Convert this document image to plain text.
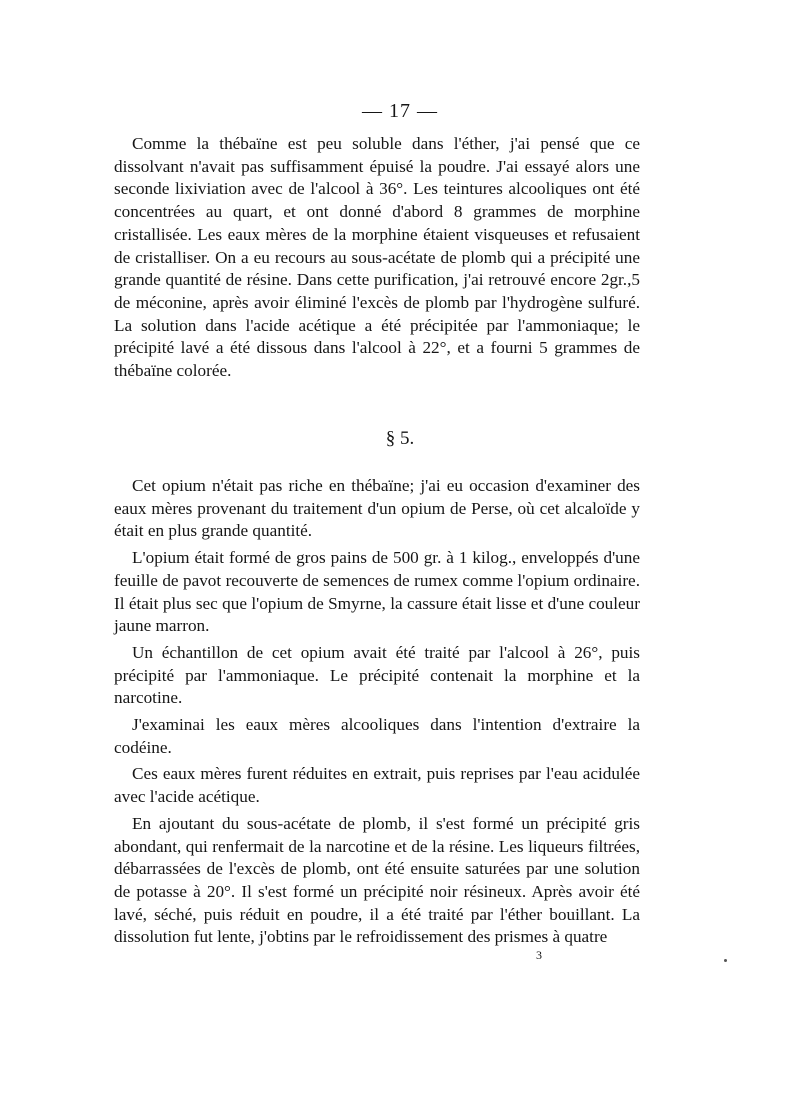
— 17 —

Comme la thébaïne est peu soluble dans l'éther, j'ai pensé que ce dissolvant n'avait pas suffisamment épuisé la poudre. J'ai essayé alors une seconde lixiviation avec de l'alcool à 36°. Les teintures alcooliques ont été concentrées au quart, et ont donné d'abord 8 grammes de morphine cristallisée. Les eaux mères de la morphine étaient visqueuses et refusaient de cristalliser. On a eu recours au sous-acétate de plomb qui a précipité une grande quantité de résine. Dans cette purification, j'ai retrouvé encore 2gr.,5 de méconine, après avoir éliminé l'excès de plomb par l'hydrogène sulfuré. La solution dans l'acide acétique a été précipitée par l'ammoniaque; le précipité lavé a été dissous dans l'alcool à 22°, et a fourni 5 grammes de thébaïne colorée.

§ 5.

Cet opium n'était pas riche en thébaïne; j'ai eu occasion d'examiner des eaux mères provenant du traitement d'un opium de Perse, où cet alcaloïde y était en plus grande quantité.

L'opium était formé de gros pains de 500 gr. à 1 kilog., enveloppés d'une feuille de pavot recouverte de semences de rumex comme l'opium ordinaire. Il était plus sec que l'opium de Smyrne, la cassure était lisse et d'une couleur jaune marron.

Un échantillon de cet opium avait été traité par l'alcool à 26°, puis précipité par l'ammoniaque. Le précipité contenait la morphine et la narcotine.

J'examinai les eaux mères alcooliques dans l'intention d'extraire la codéine.

Ces eaux mères furent réduites en extrait, puis reprises par l'eau acidulée avec l'acide acétique.

En ajoutant du sous-acétate de plomb, il s'est formé un précipité gris abondant, qui renfermait de la narcotine et de la résine. Les liqueurs filtrées, débarrassées de l'excès de plomb, ont été ensuite saturées par une solution de potasse à 20°. Il s'est formé un précipité noir résineux. Après avoir été lavé, séché, puis réduit en poudre, il a été traité par l'éther bouillant. La dissolution fut lente, j'obtins par le refroidissement des prismes à quatre

3
